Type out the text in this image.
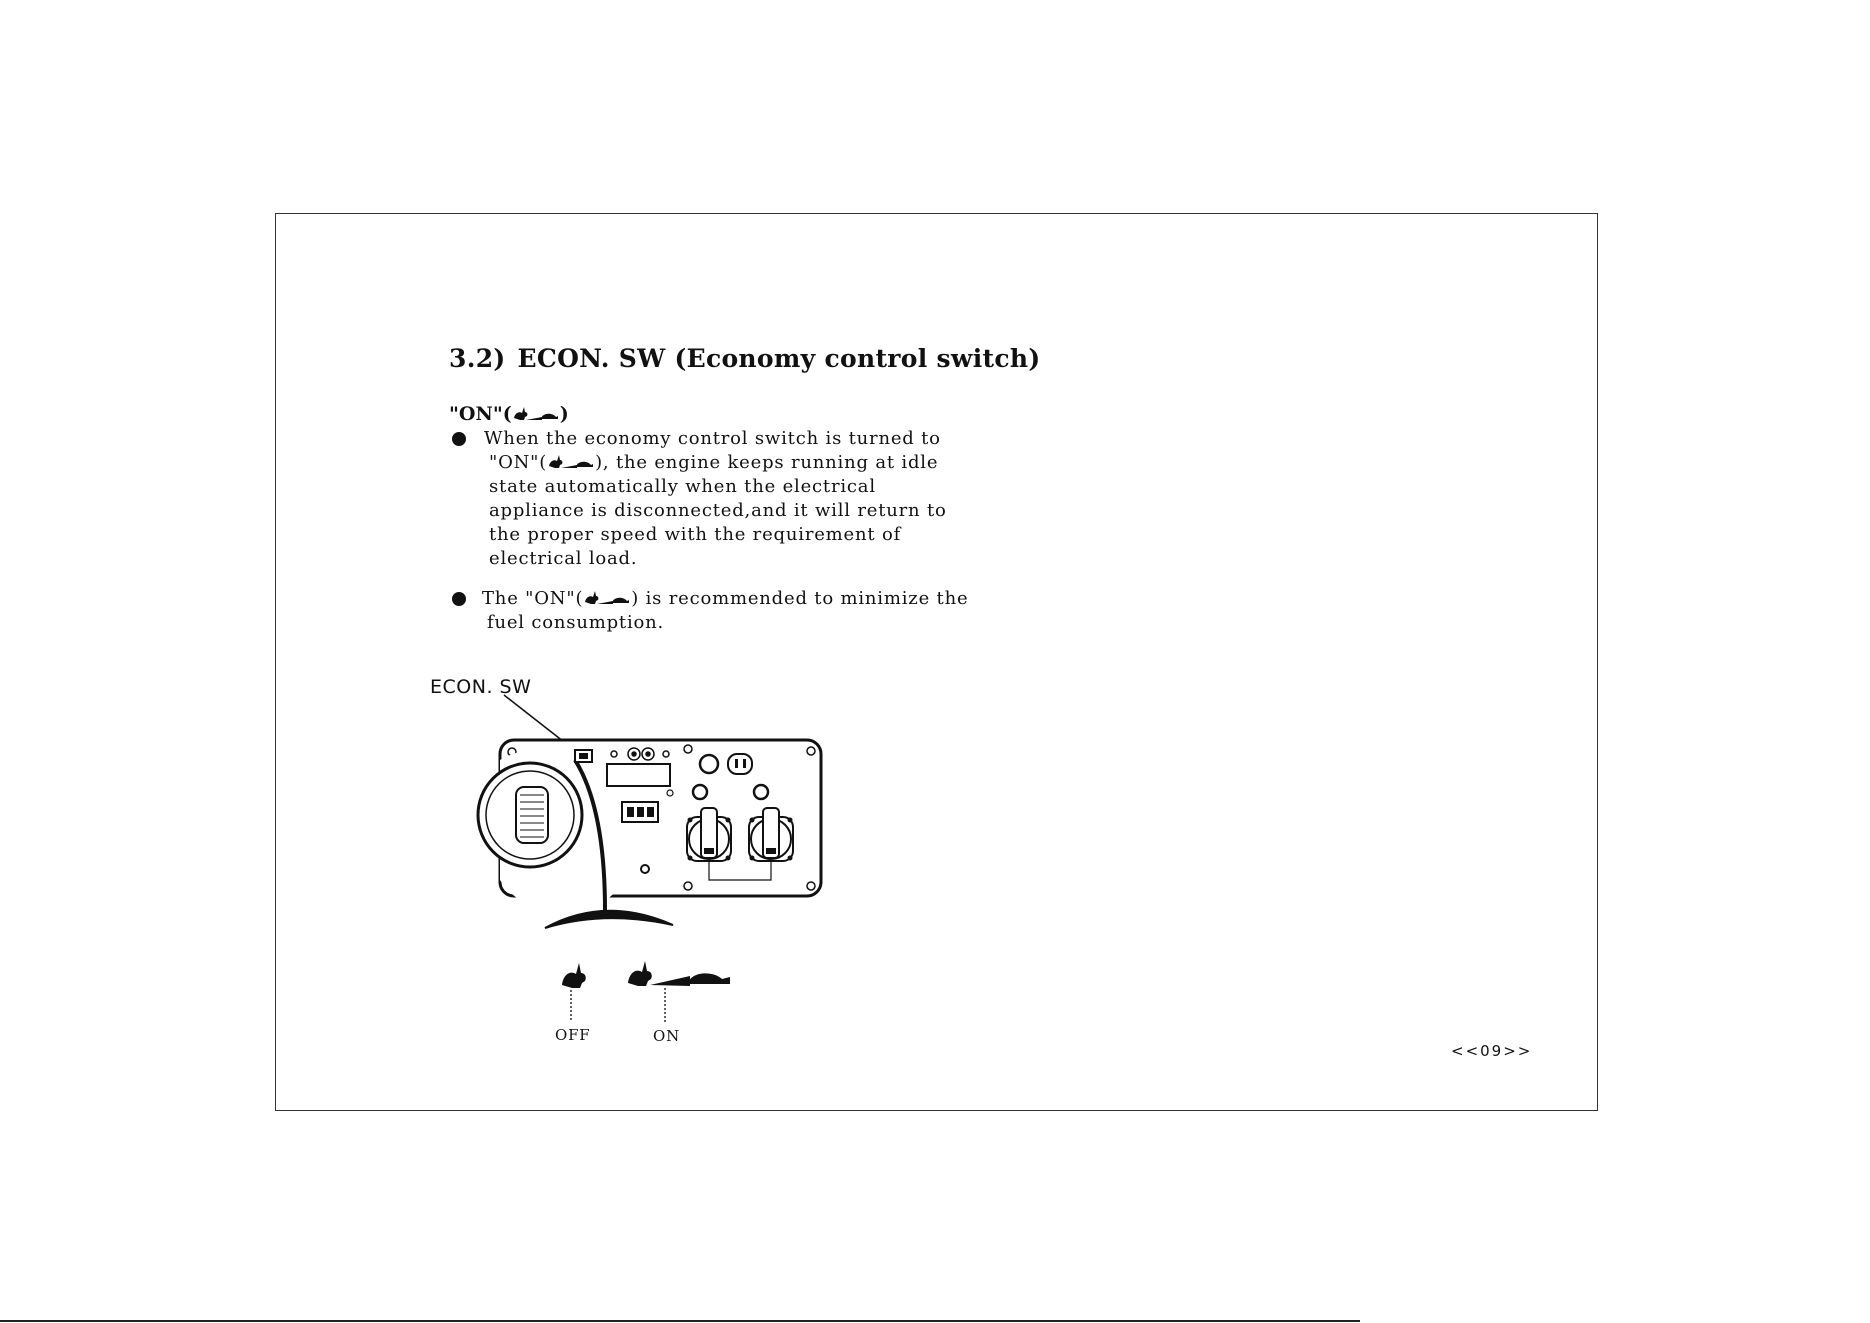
3.2) ECON. SW (Economy control switch)
"ON"(	)

When the economy control switch is turned to
"ON"(	), the engine keeps running at idle
state automatically when the electrical
appliance is disconnected,and it will return to
the proper speed with the requirement of
electrical load.

The "ON"(	) is recommended to minimize the
fuel consumption.

ECON. SW
OFF	ON
<<09>>
